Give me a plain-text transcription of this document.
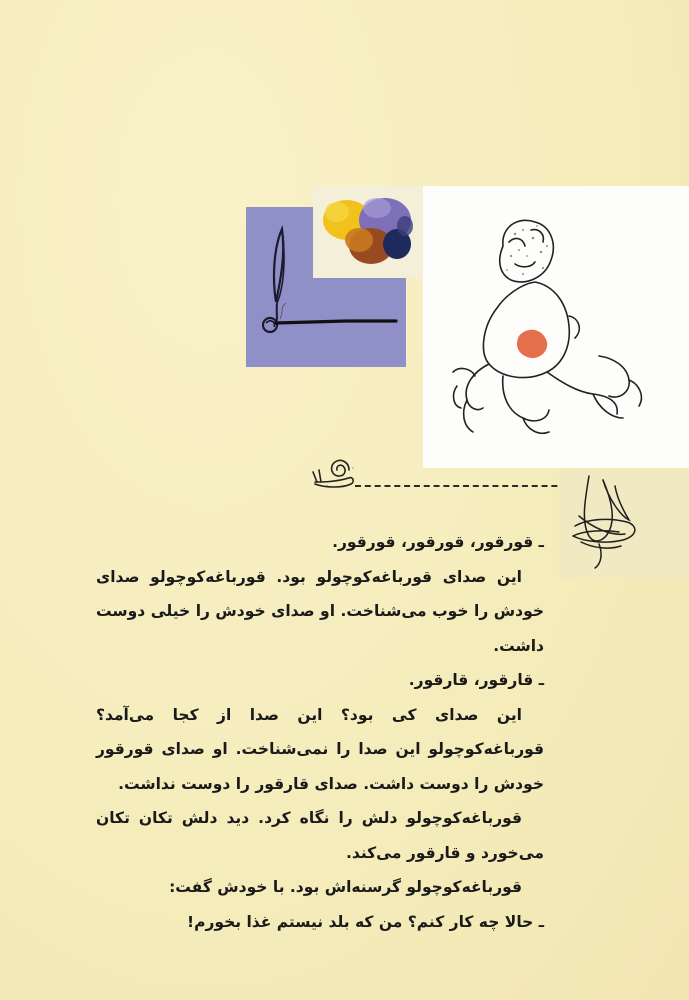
ـ قورقور، قورقور، قورقور.

این صدای قورباغه‌کوچولو بود. قورباغه‌کوچولو صدای خودش را خوب می‌شناخت. او صدای خودش را خیلی دوست داشت.

ـ قارقور، قارقور.

این صدای کی بود؟ این صدا از کجا می‌آمد؟ قورباغه‌کوچولو این صدا را نمی‌شناخت. او صدای قورقور خودش را دوست داشت. صدای قارقور را دوست نداشت.

قورباغه‌کوچولو دلش را نگاه کرد. دید دلش تکان تکان می‌خورد و قارقور می‌کند.

قورباغه‌کوچولو گرسنه‌اش بود. با خودش گفت:

ـ حالا چه کار کنم؟ من که بلد نیستم غذا بخورم!
